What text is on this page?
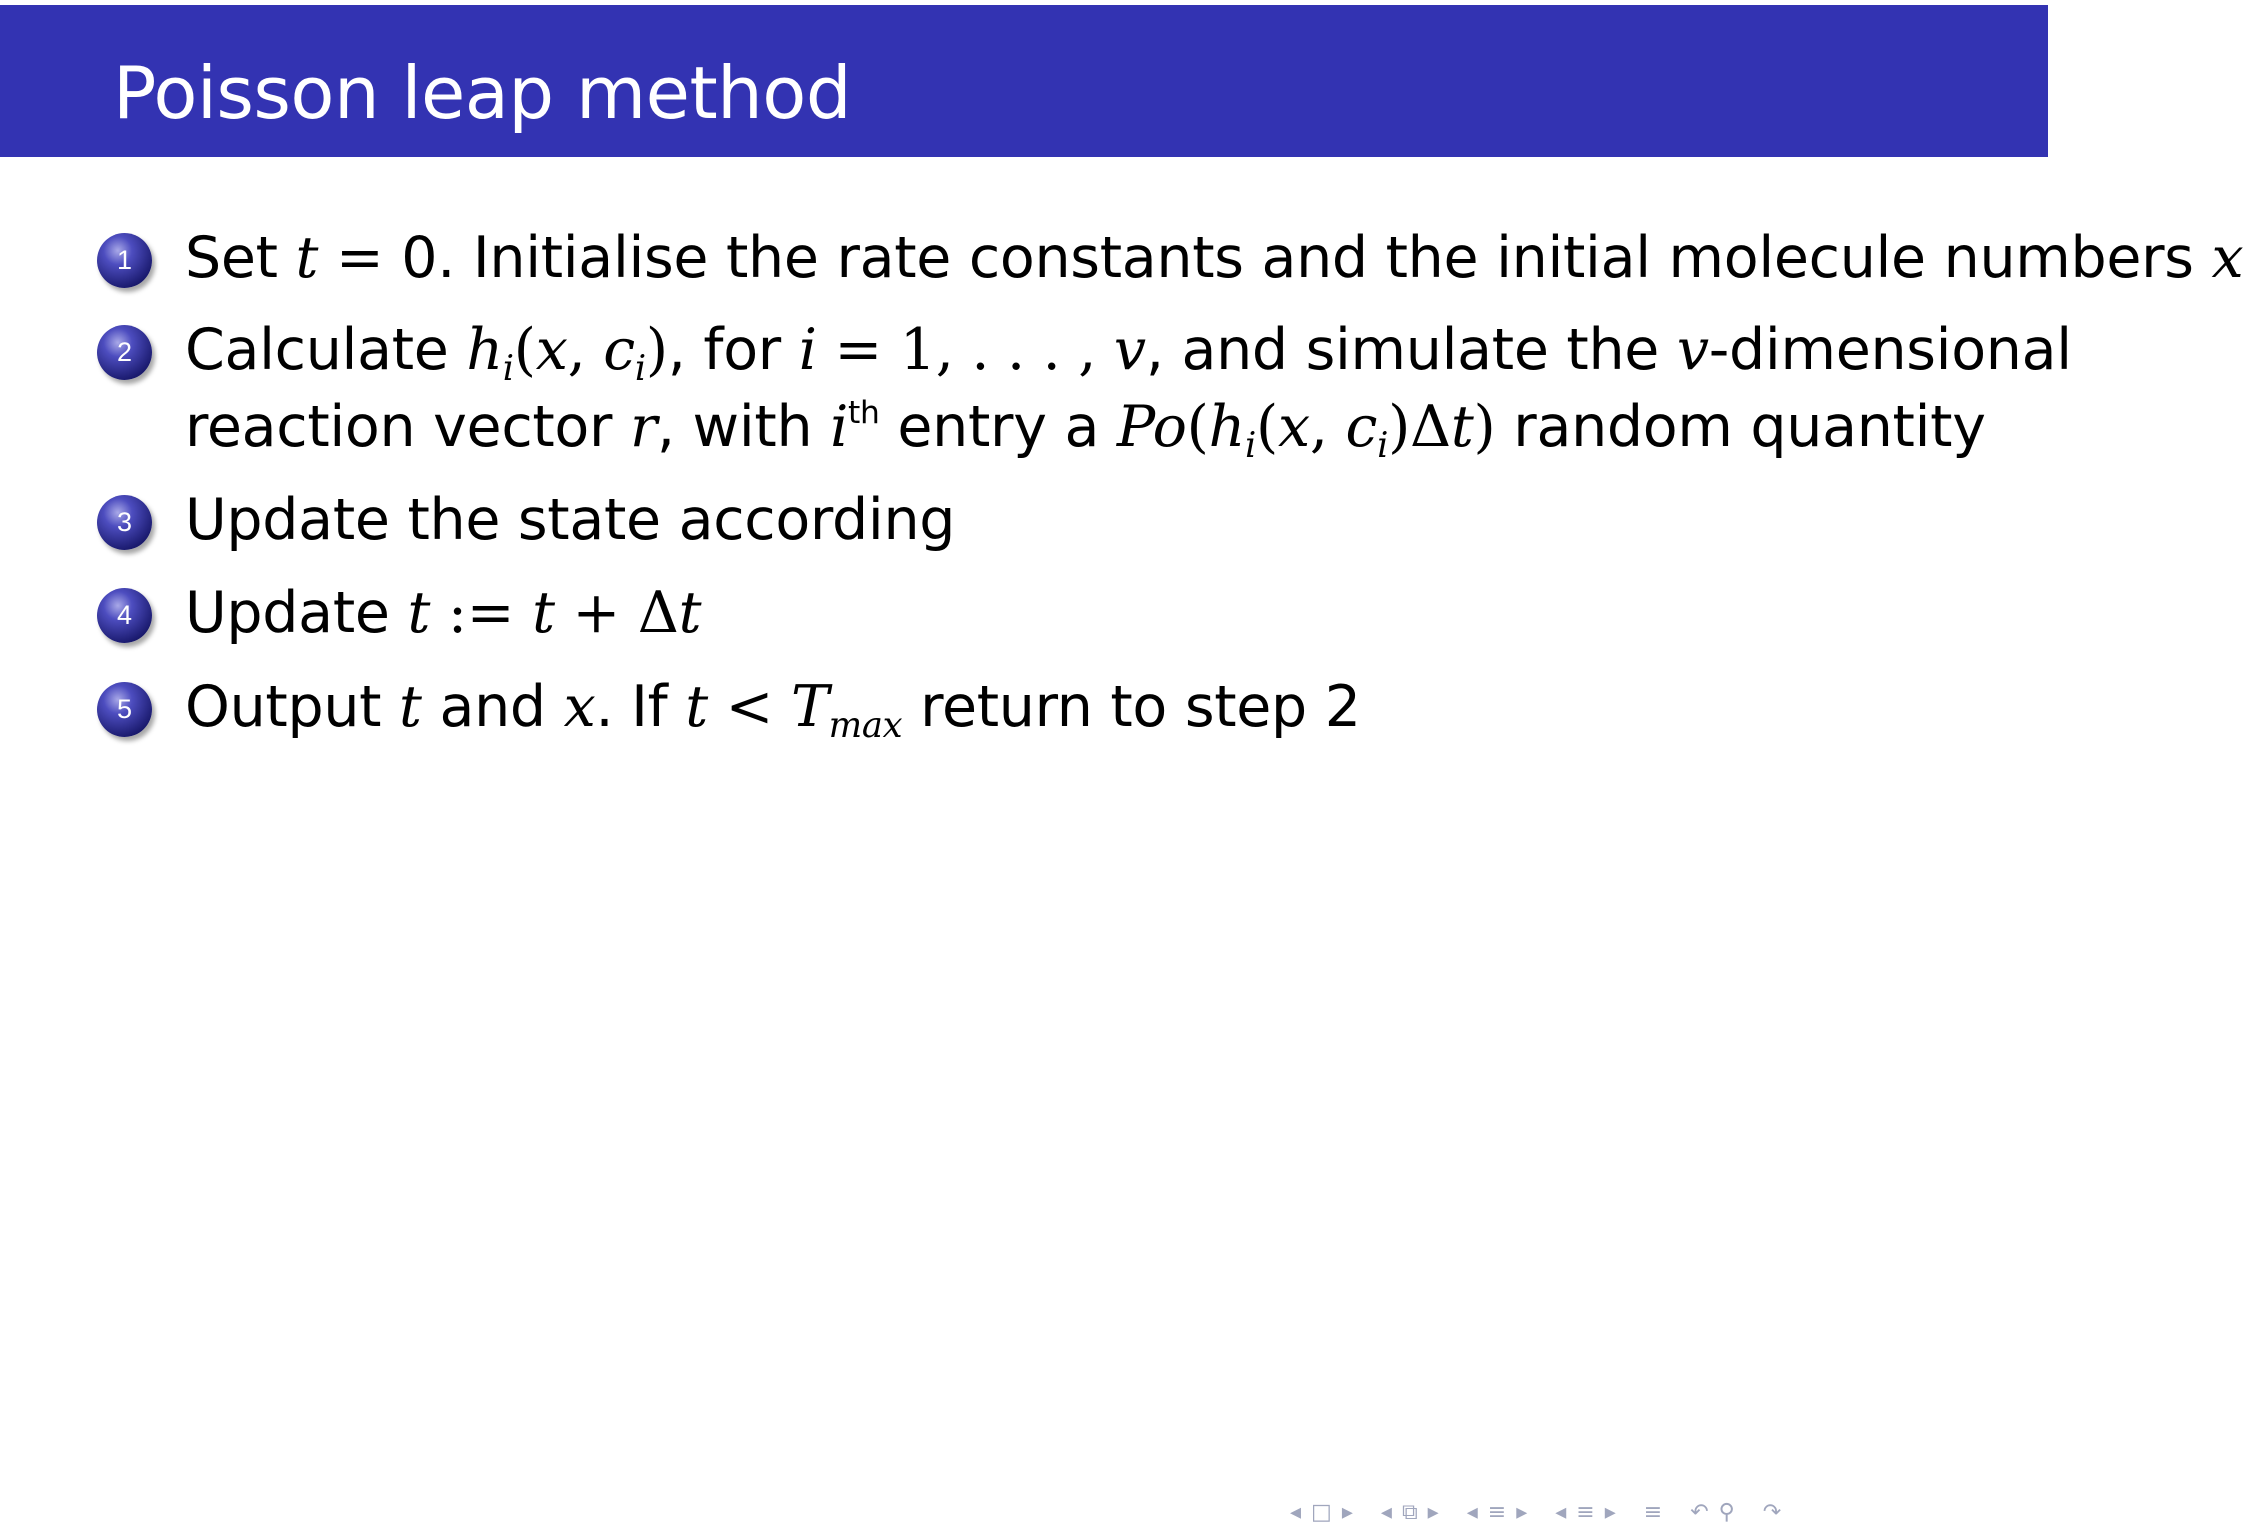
Poisson leap method
1 Set t = 0. Initialise the rate constants and the initial molecule numbers x
2 Calculate hi(x, ci), for i = 1, . . . , v, and simulate the v-dimensional
reaction vector r, with $i^{th}$ entry a Po(hi(x, ci)Δt) random quantity
3 Update the state according
4 Update t := t + Δt
5 Output t and x. If t < Tmax return to step 2
◂ □ ▸ ◂ ⧉ ▸ ◂ ≡ ▸ ◂ ≡ ▸ ≡ ↶ ⚲ ↷
